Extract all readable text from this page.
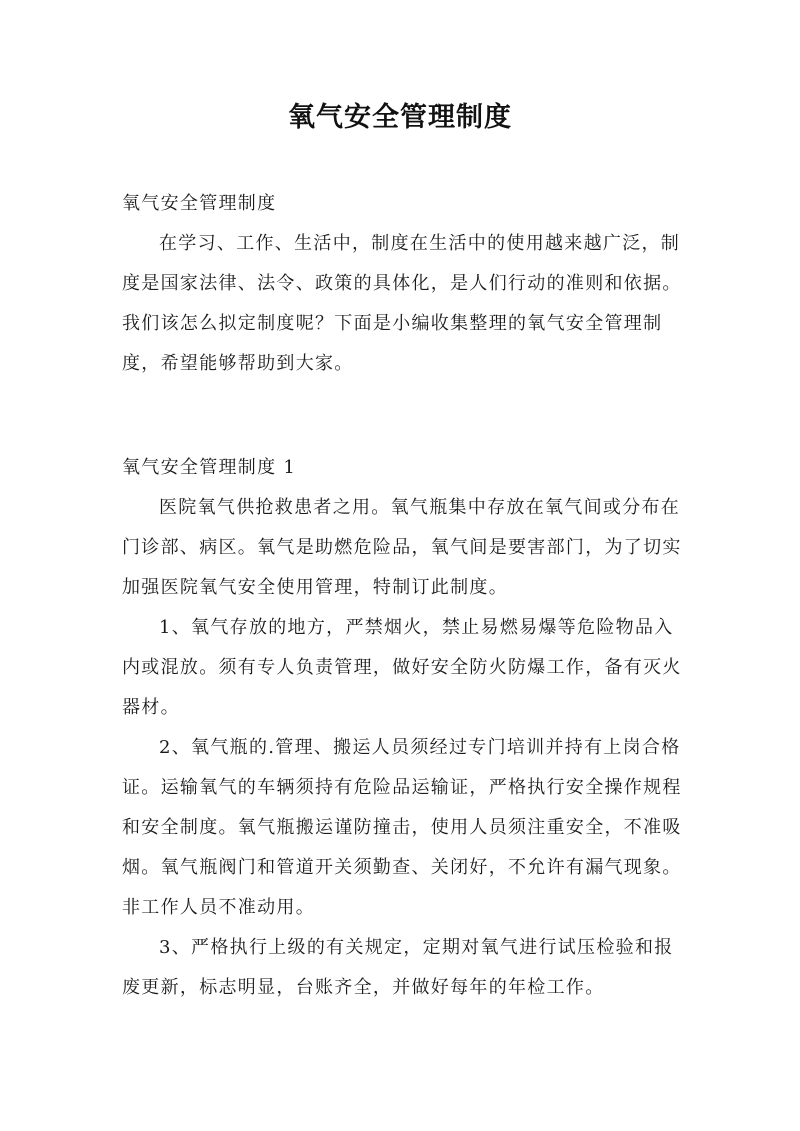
氧气安全管理制度

氧气安全管理制度

在学习、工作、生活中，制度在生活中的使用越来越广泛，制度是国家法律、法令、政策的具体化，是人们行动的准则和依据。我们该怎么拟定制度呢？下面是小编收集整理的氧气安全管理制度，希望能够帮助到大家。

氧气安全管理制度 1

医院氧气供抢救患者之用。氧气瓶集中存放在氧气间或分布在门诊部、病区。氧气是助燃危险品，氧气间是要害部门，为了切实加强医院氧气安全使用管理，特制订此制度。

1、氧气存放的地方，严禁烟火，禁止易燃易爆等危险物品入内或混放。须有专人负责管理，做好安全防火防爆工作，备有灭火器材。

2、氧气瓶的.管理、搬运人员须经过专门培训并持有上岗合格证。运输氧气的车辆须持有危险品运输证，严格执行安全操作规程和安全制度。氧气瓶搬运谨防撞击，使用人员须注重安全，不准吸烟。氧气瓶阀门和管道开关须勤查、关闭好，不允许有漏气现象。非工作人员不准动用。

3、严格执行上级的有关规定，定期对氧气进行试压检验和报废更新，标志明显，台账齐全，并做好每年的年检工作。
